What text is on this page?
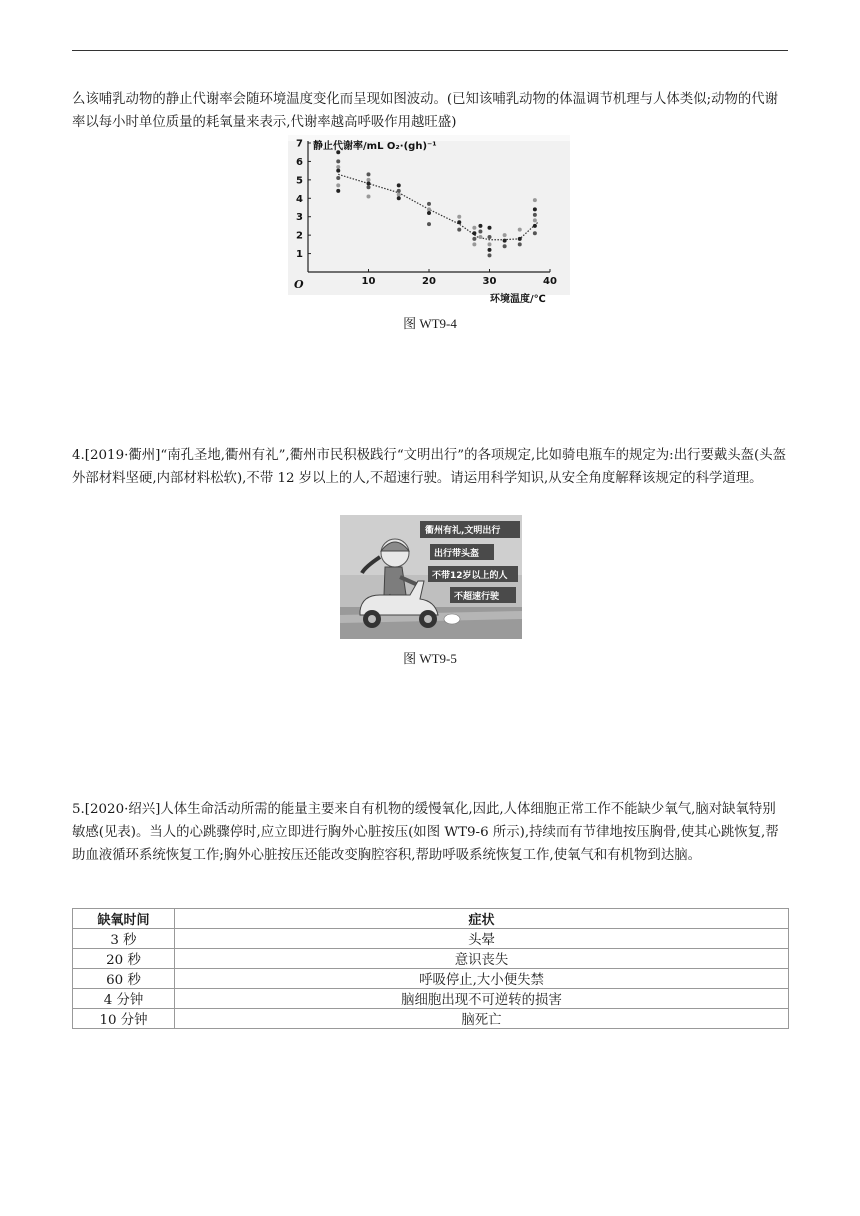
么该哺乳动物的静止代谢率会随环境温度变化而呈现如图波动。(已知该哺乳动物的体温调节机理与人体类似;动物的代谢率以每小时单位质量的耗氧量来表示,代谢率越高呼吸作用越旺盛)

1
2
3
4
5
6
7
10	20	30	40
静止代谢率/mL O₂·(gh)⁻¹
环境温度/℃
O
图 WT9-4

4.[2019·衢州]“南孔圣地,衢州有礼”,衢州市民积极践行“文明出行”的各项规定,比如骑电瓶车的规定为:出行要戴头盔(头盔外部材料坚硬,内部材料松软),不带 12 岁以上的人,不超速行驶。请运用科学知识,从安全角度解释该规定的科学道理。

衢州有礼,文明出行
出行带头盔
不带12岁以上的人
不超速行驶
图 WT9-5

5.[2020·绍兴]人体生命活动所需的能量主要来自有机物的缓慢氧化,因此,人体细胞正常工作不能缺少氧气,脑对缺氧特别敏感(见表)。当人的心跳骤停时,应立即进行胸外心脏按压(如图 WT9-6 所示),持续而有节律地按压胸骨,使其心跳恢复,帮助血液循环系统恢复工作;胸外心脏按压还能改变胸腔容积,帮助呼吸系统恢复工作,使氧气和有机物到达脑。

缺氧时间	症状
3 秒	头晕
20 秒	意识丧失
60 秒	呼吸停止,大小便失禁
4 分钟	脑细胞出现不可逆转的损害
10 分钟	脑死亡
